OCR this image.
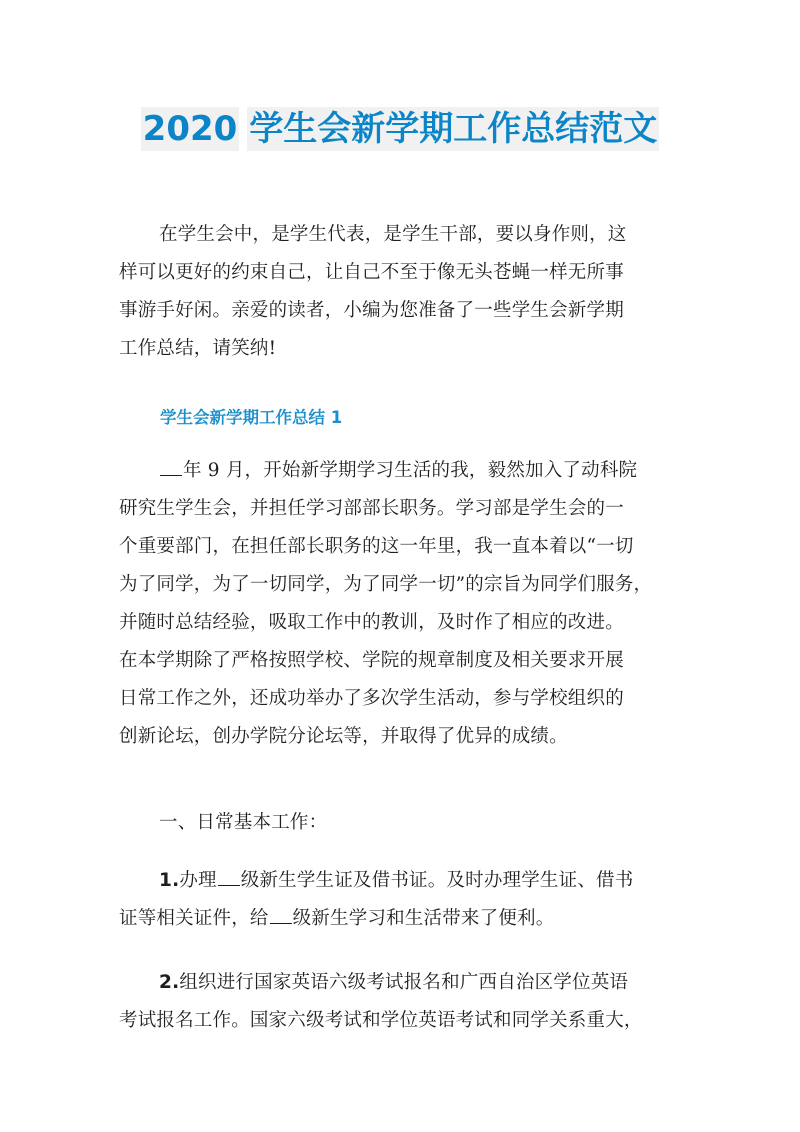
2020 学生会新学期工作总结范文
在学生会中，是学生代表，是学生干部，要以身作则，这
样可以更好的约束自己，让自己不至于像无头苍蝇一样无所事
事游手好闲。亲爱的读者，小编为您准备了一些学生会新学期
工作总结，请笑纳!
学生会新学期工作总结 1
年 9 月，开始新学期学习生活的我，毅然加入了动科院
研究生学生会，并担任学习部部长职务。学习部是学生会的一
个重要部门，在担任部长职务的这一年里，我一直本着以“一切
为了同学，为了一切同学，为了同学一切”的宗旨为同学们服务，
并随时总结经验，吸取工作中的教训，及时作了相应的改进。
在本学期除了严格按照学校、学院的规章制度及相关要求开展
日常工作之外，还成功举办了多次学生活动，参与学校组织的
创新论坛，创办学院分论坛等，并取得了优异的成绩。
一、日常基本工作：
1.办理 级新生学生证及借书证。及时办理学生证、借书
证等相关证件，给 级新生学习和生活带来了便利。
2.组织进行国家英语六级考试报名和广西自治区学位英语
考试报名工作。国家六级考试和学位英语考试和同学关系重大，
